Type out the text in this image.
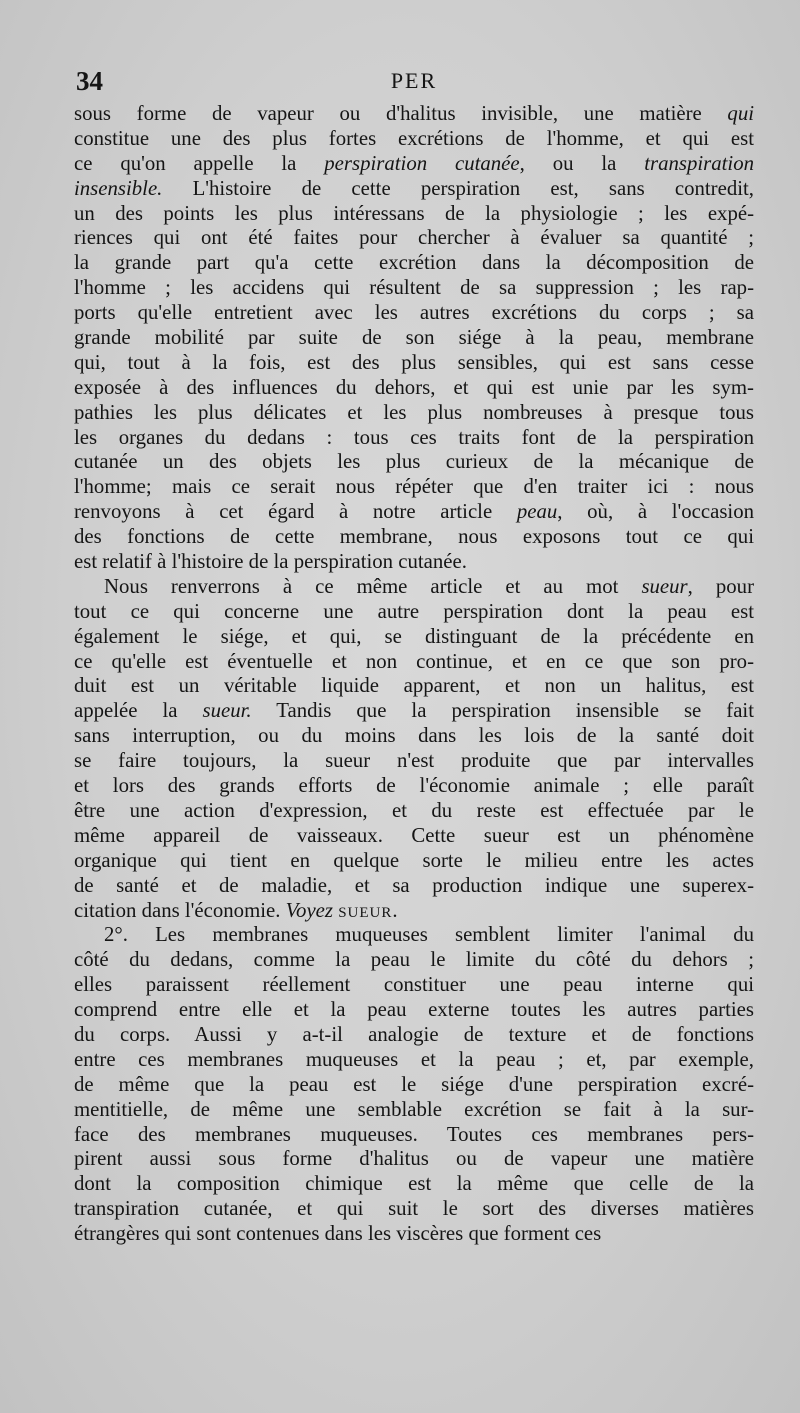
34	PER
sous forme de vapeur ou d'halitus invisible, une matière qui
constitue une des plus fortes excrétions de l'homme, et qui est
ce qu'on appelle la perspiration cutanée, ou la transpiration
insensible. L'histoire de cette perspiration est, sans contredit,
un des points les plus intéressans de la physiologie ; les expé-
riences qui ont été faites pour chercher à évaluer sa quantité ;
la grande part qu'a cette excrétion dans la décomposition de
l'homme ; les accidens qui résultent de sa suppression ; les rap-
ports qu'elle entretient avec les autres excrétions du corps ; sa
grande mobilité par suite de son siége à la peau, membrane
qui, tout à la fois, est des plus sensibles, qui est sans cesse
exposée à des influences du dehors, et qui est unie par les sym-
pathies les plus délicates et les plus nombreuses à presque tous
les organes du dedans : tous ces traits font de la perspiration
cutanée un des objets les plus curieux de la mécanique de
l'homme; mais ce serait nous répéter que d'en traiter ici : nous
renvoyons à cet égard à notre article peau, où, à l'occasion
des fonctions de cette membrane, nous exposons tout ce qui
est relatif à l'histoire de la perspiration cutanée.
Nous renverrons à ce même article et au mot sueur, pour
tout ce qui concerne une autre perspiration dont la peau est
également le siége, et qui, se distinguant de la précédente en
ce qu'elle est éventuelle et non continue, et en ce que son pro-
duit est un véritable liquide apparent, et non un halitus, est
appelée la sueur. Tandis que la perspiration insensible se fait
sans interruption, ou du moins dans les lois de la santé doit
se faire toujours, la sueur n'est produite que par intervalles
et lors des grands efforts de l'économie animale ; elle paraît
être une action d'expression, et du reste est effectuée par le
même appareil de vaisseaux. Cette sueur est un phénomène
organique qui tient en quelque sorte le milieu entre les actes
de santé et de maladie, et sa production indique une superex-
citation dans l'économie. Voyez SUEUR.
2°. Les membranes muqueuses semblent limiter l'animal du
côté du dedans, comme la peau le limite du côté du dehors ;
elles paraissent réellement constituer une peau interne qui
comprend entre elle et la peau externe toutes les autres parties
du corps. Aussi y a-t-il analogie de texture et de fonctions
entre ces membranes muqueuses et la peau ; et, par exemple,
de même que la peau est le siége d'une perspiration excré-
mentitielle, de même une semblable excrétion se fait à la sur-
face des membranes muqueuses. Toutes ces membranes pers-
pirent aussi sous forme d'halitus ou de vapeur une matière
dont la composition chimique est la même que celle de la
transpiration cutanée, et qui suit le sort des diverses matières
étrangères qui sont contenues dans les viscères que forment ces
